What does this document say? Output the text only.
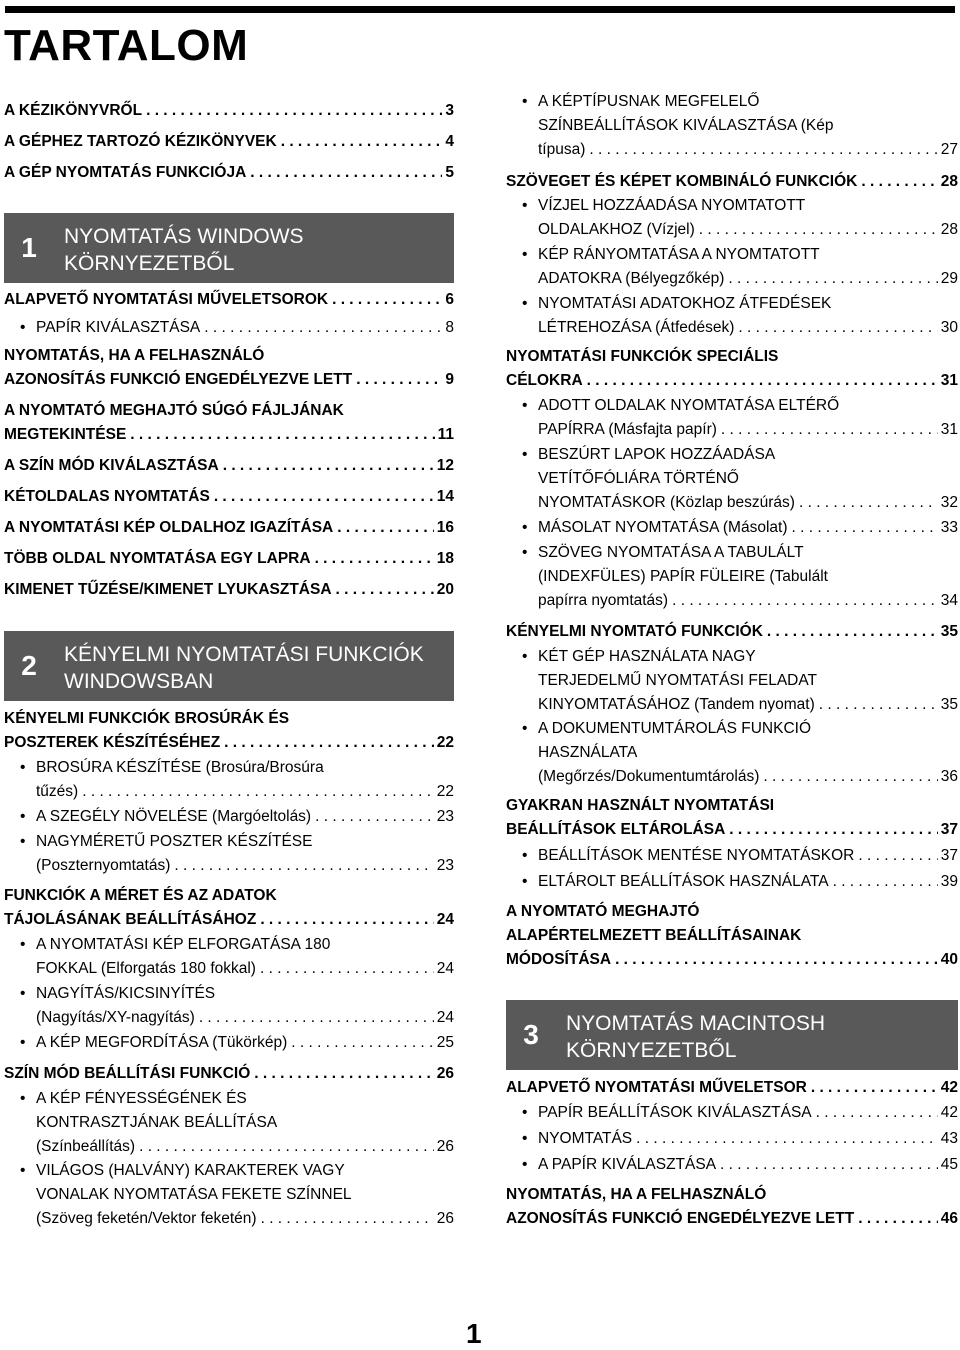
TARTALOM
A KÉZIKÖNYVRŐL . . .	3
A GÉPHEZ TARTOZÓ KÉZIKÖNYVEK . . .	4
A GÉP NYOMTATÁS FUNKCIÓJA . . .	5
1	NYOMTATÁS WINDOWS KÖRNYEZETBŐL
ALAPVETŐ NYOMTATÁSI MŰVELETSOROK . . .	6
• PAPÍR KIVÁLASZTÁSA . . .	8
NYOMTATÁS, HA A FELHASZNÁLÓ
AZONOSÍTÁS FUNKCIÓ ENGEDÉLYEZVE LETT . . .	9
A NYOMTATÓ MEGHAJTÓ SÚGÓ FÁJLJÁNAK
MEGTEKINTÉSE . . .	11
A SZÍN MÓD KIVÁLASZTÁSA . . .	12
KÉTOLDALAS NYOMTATÁS . . .	14
A NYOMTATÁSI KÉP OLDALHOZ IGAZÍTÁSA . . .	16
TÖBB OLDAL NYOMTATÁSA EGY LAPRA . . .	18
KIMENET TŰZÉSE/KIMENET LYUKASZTÁSA . . .	20
2	KÉNYELMI NYOMTATÁSI FUNKCIÓK WINDOWSBAN
KÉNYELMI FUNKCIÓK BROSÚRÁK ÉS
POSZTEREK KÉSZÍTÉSÉHEZ . . .	22
• BROSÚRA KÉSZÍTÉSE (Brosúra/Brosúra
tűzés) . . .	22
• A SZEGÉLY NÖVELÉSE (Margóeltolás) . . .	23
• NAGYMÉRETŰ POSZTER KÉSZÍTÉSE
(Poszternyomtatás) . . .	23
FUNKCIÓK A MÉRET ÉS AZ ADATOK
TÁJOLÁSÁNAK BEÁLLÍTÁSÁHOZ . . .	24
• A NYOMTATÁSI KÉP ELFORGATÁSA 180
FOKKAL (Elforgatás 180 fokkal) . . .	24
• NAGYÍTÁS/KICSINYÍTÉS
(Nagyítás/XY-nagyítás) . . .	24
• A KÉP MEGFORDÍTÁSA (Tükörkép) . . .	25
SZÍN MÓD BEÁLLÍTÁSI FUNKCIÓ . . .	26
• A KÉP FÉNYESSÉGÉNEK ÉS
KONTRASZTJÁNAK BEÁLLÍTÁSA
(Színbeállítás) . . .	26
• VILÁGOS (HALVÁNY) KARAKTEREK VAGY
VONALAK NYOMTATÁSA FEKETE SZÍNNEL
(Szöveg feketén/Vektor feketén) . . .	26
• A KÉPTÍPUSNAK MEGFELELŐ
SZÍNBEÁLLÍTÁSOK KIVÁLASZTÁSA (Kép
típusa) . . .	27
SZÖVEGET ÉS KÉPET KOMBINÁLÓ FUNKCIÓK . . .	28
• VÍZJEL HOZZÁADÁSA NYOMTATOTT
OLDALAKHOZ (Vízjel) . . .	28
• KÉP RÁNYOMTATÁSA A NYOMTATOTT
ADATOKRA (Bélyegzőkép) . . .	29
• NYOMTATÁSI ADATOKHOZ ÁTFEDÉSEK
LÉTREHOZÁSA (Átfedések) . . .	30
NYOMTATÁSI FUNKCIÓK SPECIÁLIS
CÉLOKRA . . .	31
• ADOTT OLDALAK NYOMTATÁSA ELTÉRŐ
PAPÍRRA (Másfajta papír) . . .	31
• BESZÚRT LAPOK HOZZÁADÁSA
VETÍTŐFÓLIÁRA TÖRTÉNŐ
NYOMTATÁSKOR (Közlap beszúrás) . . .	32
• MÁSOLAT NYOMTATÁSA (Másolat) . . .	33
• SZÖVEG NYOMTATÁSA A TABULÁLT
(INDEXFÜLES) PAPÍR FÜLEIRE (Tabulált
papírra nyomtatás) . . .	34
KÉNYELMI NYOMTATÓ FUNKCIÓK . . .	35
• KÉT GÉP HASZNÁLATA NAGY
TERJEDELMŰ NYOMTATÁSI FELADAT
KINYOMTATÁSÁHOZ (Tandem nyomat) . . .	35
• A DOKUMENTUMTÁROLÁS FUNKCIÓ
HASZNÁLATA
(Megőrzés/Dokumentumtárolás) . . .	36
GYAKRAN HASZNÁLT NYOMTATÁSI
BEÁLLÍTÁSOK ELTÁROLÁSA . . .	37
• BEÁLLÍTÁSOK MENTÉSE NYOMTATÁSKOR . . .	37
• ELTÁROLT BEÁLLÍTÁSOK HASZNÁLATA . . .	39
A NYOMTATÓ MEGHAJTÓ
ALAPÉRTELMEZETT BEÁLLÍTÁSAINAK
MÓDOSÍTÁSA . . .	40
3	NYOMTATÁS MACINTOSH KÖRNYEZETBŐL
ALAPVETŐ NYOMTATÁSI MŰVELETSOR . . .	42
• PAPÍR BEÁLLÍTÁSOK KIVÁLASZTÁSA . . .	42
• NYOMTATÁS . . .	43
• A PAPÍR KIVÁLASZTÁSA . . .	45
NYOMTATÁS, HA A FELHASZNÁLÓ
AZONOSÍTÁS FUNKCIÓ ENGEDÉLYEZVE LETT . . .	46
1
